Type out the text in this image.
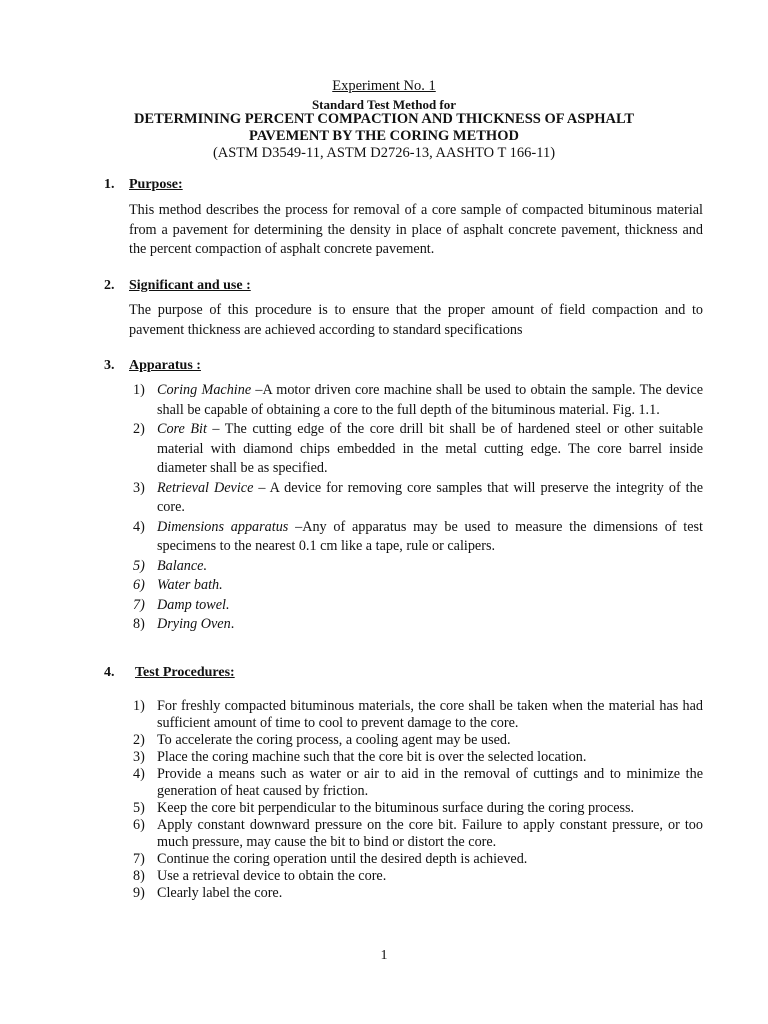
Experiment No. 1
Standard Test Method for
DETERMINING PERCENT COMPACTION AND THICKNESS OF ASPHALT
PAVEMENT BY THE CORING METHOD
(ASTM D3549-11, ASTM D2726-13, AASHTO T 166-11)
1. Purpose:
This method describes the process for removal of a core sample of compacted bituminous material from a pavement for determining the density in place of asphalt concrete pavement, thickness and the percent compaction of asphalt concrete pavement.
2. Significant and use :
The purpose of this procedure is to ensure that the proper amount of field compaction and to pavement thickness are achieved according to standard specifications
3. Apparatus :
1) Coring Machine –A motor driven core machine shall be used to obtain the sample. The device shall be capable of obtaining a core to the full depth of the bituminous material. Fig. 1.1.
2) Core Bit – The cutting edge of the core drill bit shall be of hardened steel or other suitable material with diamond chips embedded in the metal cutting edge. The core barrel inside diameter shall be as specified.
3) Retrieval Device – A device for removing core samples that will preserve the integrity of the core.
4) Dimensions apparatus –Any of apparatus may be used to measure the dimensions of test specimens to the nearest 0.1 cm like a tape, rule or calipers.
5) Balance.
6) Water bath.
7) Damp towel.
8) Drying Oven.
4. Test Procedures:
1) For freshly compacted bituminous materials, the core shall be taken when the material has had sufficient amount of time to cool to prevent damage to the core.
2) To accelerate the coring process, a cooling agent may be used.
3) Place the coring machine such that the core bit is over the selected location.
4) Provide a means such as water or air to aid in the removal of cuttings and to minimize the generation of heat caused by friction.
5) Keep the core bit perpendicular to the bituminous surface during the coring process.
6) Apply constant downward pressure on the core bit. Failure to apply constant pressure, or too much pressure, may cause the bit to bind or distort the core.
7) Continue the coring operation until the desired depth is achieved.
8) Use a retrieval device to obtain the core.
9) Clearly label the core.
1
